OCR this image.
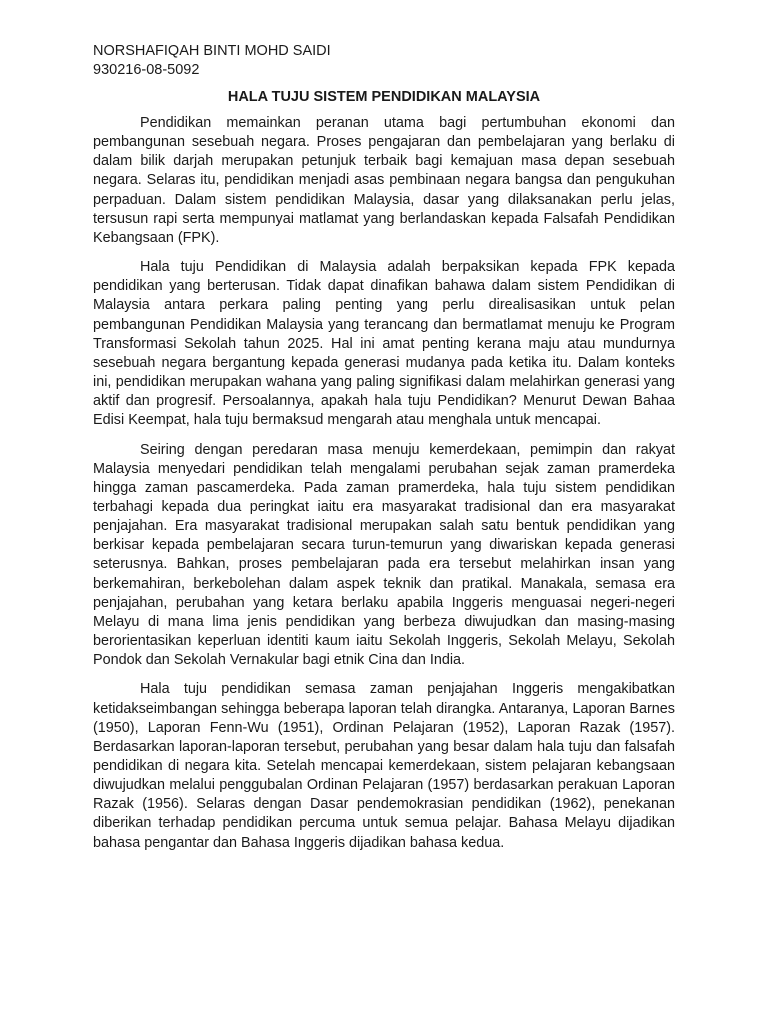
NORSHAFIQAH BINTI MOHD SAIDI

930216-08-5092

HALA TUJU SISTEM PENDIDIKAN MALAYSIA

Pendidikan memainkan peranan utama bagi pertumbuhan ekonomi dan pembangunan sesebuah negara. Proses pengajaran dan pembelajaran yang berlaku di dalam bilik darjah merupakan petunjuk terbaik bagi kemajuan masa depan sesebuah negara. Selaras itu, pendidikan menjadi asas pembinaan negara bangsa dan pengukuhan perpaduan. Dalam sistem pendidikan Malaysia, dasar yang dilaksanakan perlu jelas, tersusun rapi serta mempunyai matlamat yang berlandaskan kepada Falsafah Pendidikan Kebangsaan (FPK).

Hala tuju Pendidikan di Malaysia adalah berpaksikan kepada FPK kepada pendidikan yang berterusan. Tidak dapat dinafikan bahawa dalam sistem Pendidikan di Malaysia antara perkara paling penting yang perlu direalisasikan untuk pelan pembangunan Pendidikan Malaysia yang terancang dan bermatlamat menuju ke Program Transformasi Sekolah tahun 2025. Hal ini amat penting kerana maju atau mundurnya sesebuah negara bergantung kepada generasi mudanya pada ketika itu. Dalam konteks ini, pendidikan merupakan wahana yang paling signifikasi dalam melahirkan generasi yang aktif dan progresif. Persoalannya, apakah hala tuju Pendidikan? Menurut Dewan Bahaa Edisi Keempat, hala tuju bermaksud mengarah atau menghala untuk mencapai.

Seiring dengan peredaran masa menuju kemerdekaan, pemimpin dan rakyat Malaysia menyedari pendidikan telah mengalami perubahan sejak zaman pramerdeka hingga zaman pascamerdeka. Pada zaman pramerdeka, hala tuju sistem pendidikan terbahagi kepada dua peringkat iaitu era masyarakat tradisional dan era masyarakat penjajahan. Era masyarakat tradisional merupakan salah satu bentuk pendidikan yang berkisar kepada pembelajaran secara turun-temurun yang diwariskan kepada generasi seterusnya. Bahkan, proses pembelajaran pada era tersebut melahirkan insan yang berkemahiran, berkebolehan dalam aspek teknik dan pratikal. Manakala, semasa era penjajahan, perubahan yang ketara berlaku apabila Inggeris menguasai negeri-negeri Melayu di mana lima jenis pendidikan yang berbeza diwujudkan dan masing-masing berorientasikan keperluan identiti kaum iaitu Sekolah Inggeris, Sekolah Melayu, Sekolah Pondok dan Sekolah Vernakular bagi etnik Cina dan India.

Hala tuju pendidikan semasa zaman penjajahan Inggeris mengakibatkan ketidakseimbangan sehingga beberapa laporan telah dirangka. Antaranya, Laporan Barnes (1950), Laporan Fenn-Wu (1951), Ordinan Pelajaran (1952), Laporan Razak (1957). Berdasarkan laporan-laporan tersebut, perubahan yang besar dalam hala tuju dan falsafah pendidikan di negara kita. Setelah mencapai kemerdekaan, sistem pelajaran kebangsaan diwujudkan melalui penggubalan Ordinan Pelajaran (1957) berdasarkan perakuan Laporan Razak (1956). Selaras dengan Dasar pendemokrasian pendidikan (1962), penekanan diberikan terhadap pendidikan percuma untuk semua pelajar. Bahasa Melayu dijadikan bahasa pengantar dan Bahasa Inggeris dijadikan bahasa kedua.
